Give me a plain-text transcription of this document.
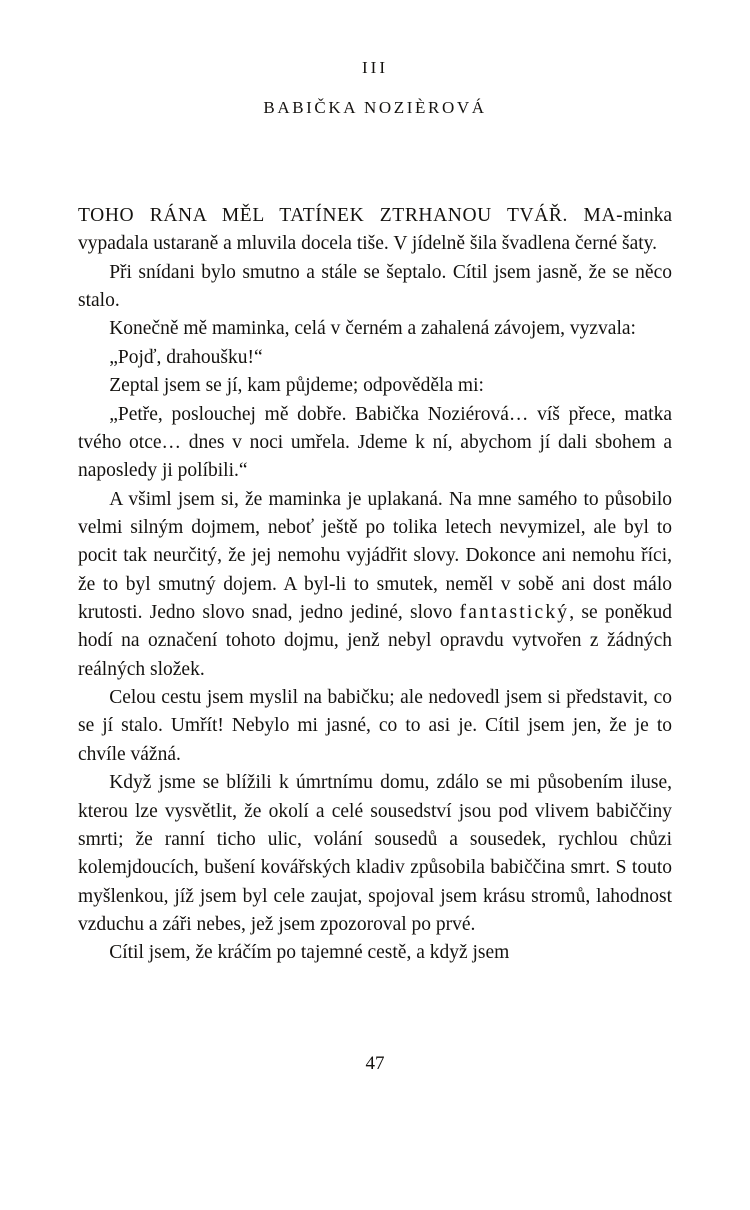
III
BABIČKA NOZIÈROVÁ

TOHO RÁNA MĚL TATÍNEK ZTRHANOU TVÁŘ. MA-minka vypadala ustaraně a mluvila docela tiše. V jídelně šila švadlena černé šaty.

Při snídani bylo smutno a stále se šeptalo. Cítil jsem jasně, že se něco stalo.

Konečně mě maminka, celá v černém a zahalená závojem, vyzvala:

„Pojď, drahoušku!“

Zeptal jsem se jí, kam půjdeme; odpověděla mi:

„Petře, poslouchej mě dobře. Babička Noziérová… víš přece, matka tvého otce… dnes v noci umřela. Jdeme k ní, abychom jí dali sbohem a naposledy ji políbili.“

A všiml jsem si, že maminka je uplakaná. Na mne samého to působilo velmi silným dojmem, neboť ještě po tolika letech nevymizel, ale byl to pocit tak neurčitý, že jej nemohu vyjádřit slovy. Dokonce ani nemohu říci, že to byl smutný dojem. A byl-li to smutek, neměl v sobě ani dost málo krutosti. Jedno slovo snad, jedno jediné, slovo fantastický, se poněkud hodí na označení tohoto dojmu, jenž nebyl opravdu vytvořen z žádných reálných složek.

Celou cestu jsem myslil na babičku; ale nedovedl jsem si představit, co se jí stalo. Umřít! Nebylo mi jasné, co to asi je. Cítil jsem jen, že je to chvíle vážná.

Když jsme se blížili k úmrtnímu domu, zdálo se mi působením iluse, kterou lze vysvětlit, že okolí a celé sousedství jsou pod vlivem babiččiny smrti; že ranní ticho ulic, volání sousedů a sousedek, rychlou chůzi kolemjdoucích, bušení kovářských kladiv způsobila babiččina smrt. S touto myšlenkou, jíž jsem byl cele zaujat, spojoval jsem krásu stromů, lahodnost vzduchu a záři nebes, jež jsem zpozoroval po prvé.

Cítil jsem, že kráčím po tajemné cestě, a když jsem

47
